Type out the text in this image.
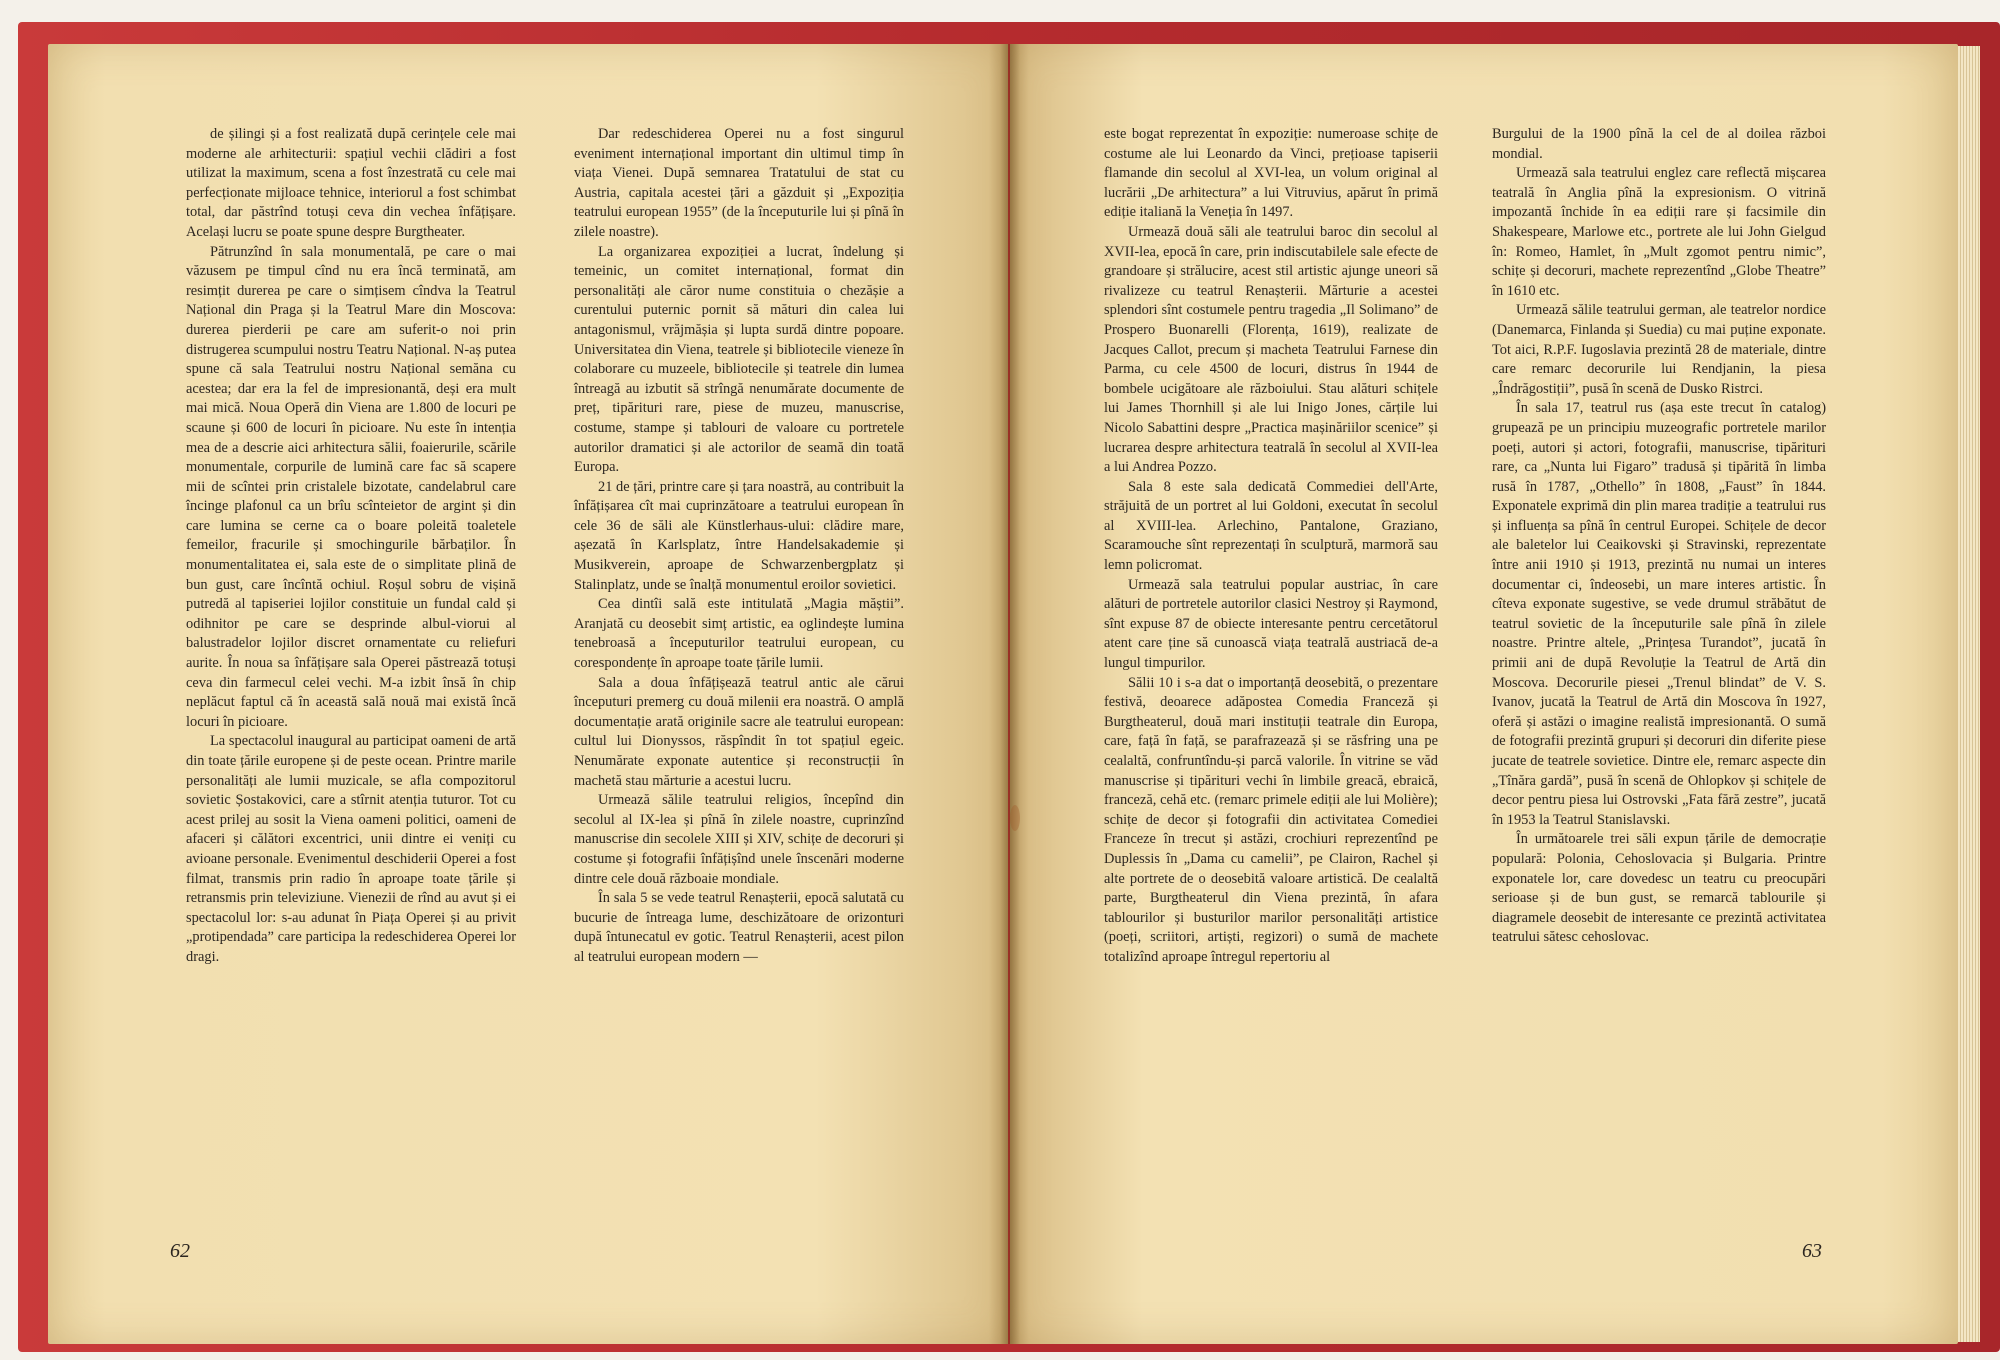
de șilingi și a fost realizată după cerințele cele mai moderne ale arhitecturii: spațiul vechii clădiri a fost utilizat la maximum, scena a fost înzestrată cu cele mai perfecționate mijloace tehnice, interiorul a fost schimbat total, dar păstrînd totuși ceva din vechea înfățișare. Același lucru se poate spune despre Burgtheater.

Pătrunzînd în sala monumentală, pe care o mai văzusem pe timpul cînd nu era încă terminată, am resimțit durerea pe care o simțisem cîndva la Teatrul Național din Praga și la Teatrul Mare din Moscova: durerea pierderii pe care am suferit-o noi prin distrugerea scumpului nostru Teatru Național. N-aș putea spune că sala Teatrului nostru Național semăna cu acestea; dar era la fel de impresionantă, deși era mult mai mică. Noua Operă din Viena are 1.800 de locuri pe scaune și 600 de locuri în picioare. Nu este în intenția mea de a descrie aici arhitectura sălii, foaierurile, scările monumentale, corpurile de lumină care fac să scapere mii de scîntei prin cristalele bizotate, candelabrul care încinge plafonul ca un brîu scînteietor de argint și din care lumina se cerne ca o boare poleită toaletele femeilor, fracurile și smochingurile bărbaților. În monumentalitatea ei, sala este de o simplitate plină de bun gust, care încîntă ochiul. Roșul sobru de vișină putredă al tapiseriei lojilor constituie un fundal cald și odihnitor pe care se desprinde albul-viorui al balustradelor lojilor discret ornamentate cu reliefuri aurite. În noua sa înfățișare sala Operei păstrează totuși ceva din farmecul celei vechi. M-a izbit însă în chip neplăcut faptul că în această sală nouă mai există încă locuri în picioare.

La spectacolul inaugural au participat oameni de artă din toate țările europene și de peste ocean. Printre marile personalități ale lumii muzicale, se afla compozitorul sovietic Șostakovici, care a stîrnit atenția tuturor. Tot cu acest prilej au sosit la Viena oameni politici, oameni de afaceri și călători excentrici, unii dintre ei veniți cu avioane personale. Evenimentul deschiderii Operei a fost filmat, transmis prin radio în aproape toate țările și retransmis prin televiziune. Vienezii de rînd au avut și ei spectacolul lor: s-au adunat în Piața Operei și au privit „protipendada” care participa la redeschiderea Operei lor dragi.

Dar redeschiderea Operei nu a fost singurul eveniment internațional important din ultimul timp în viața Vienei. După semnarea Tratatului de stat cu Austria, capitala acestei țări a găzduit și „Expoziția teatrului european 1955” (de la începuturile lui și pînă în zilele noastre).

La organizarea expoziției a lucrat, îndelung și temeinic, un comitet internațional, format din personalități ale căror nume constituia o chezășie a curentului puternic pornit să mături din calea lui antagonismul, vrăjmășia și lupta surdă dintre popoare. Universitatea din Viena, teatrele și bibliotecile vieneze în colaborare cu muzeele, bibliotecile și teatrele din lumea întreagă au izbutit să strîngă nenumărate documente de preț, tipărituri rare, piese de muzeu, manuscrise, costume, stampe și tablouri de valoare cu portretele autorilor dramatici și ale actorilor de seamă din toată Europa.

21 de țări, printre care și țara noastră, au contribuit la înfățișarea cît mai cuprinzătoare a teatrului european în cele 36 de săli ale Künstlerhaus-ului: clădire mare, așezată în Karlsplatz, între Handelsakademie și Musikverein, aproape de Schwarzenbergplatz și Stalinplatz, unde se înalță monumentul eroilor sovietici.

Cea dintîi sală este intitulată „Magia măștii”. Aranjată cu deosebit simț artistic, ea oglindește lumina tenebroasă a începuturilor teatrului european, cu corespondențe în aproape toate țările lumii.

Sala a doua înfățișează teatrul antic ale cărui începuturi premerg cu două milenii era noastră. O amplă documentație arată originile sacre ale teatrului european: cultul lui Dionyssos, răspîndit în tot spațiul egeic. Nenumărate exponate autentice și reconstrucții în machetă stau mărturie a acestui lucru.

Urmează sălile teatrului religios, începînd din secolul al IX-lea și pînă în zilele noastre, cuprinzînd manuscrise din secolele XIII și XIV, schițe de decoruri și costume și fotografii înfățișînd unele înscenări moderne dintre cele două războaie mondiale.

În sala 5 se vede teatrul Renașterii, epocă salutată cu bucurie de întreaga lume, deschizătoare de orizonturi după întunecatul ev gotic. Teatrul Renașterii, acest pilon al teatrului european modern —

este bogat reprezentat în expoziție: numeroase schițe de costume ale lui Leonardo da Vinci, prețioase tapiserii flamande din secolul al XVI-lea, un volum original al lucrării „De arhitectura” a lui Vitruvius, apărut în primă ediție italiană la Veneția în 1497.

Urmează două săli ale teatrului baroc din secolul al XVII-lea, epocă în care, prin indiscutabilele sale efecte de grandoare și strălucire, acest stil artistic ajunge uneori să rivalizeze cu teatrul Renașterii. Mărturie a acestei splendori sînt costumele pentru tragedia „Il Solimano” de Prospero Buonarelli (Florența, 1619), realizate de Jacques Callot, precum și macheta Teatrului Farnese din Parma, cu cele 4500 de locuri, distrus în 1944 de bombele ucigătoare ale războiului. Stau alături schițele lui James Thornhill și ale lui Inigo Jones, cărțile lui Nicolo Sabattini despre „Practica mașinăriilor scenice” și lucrarea despre arhitectura teatrală în secolul al XVII-lea a lui Andrea Pozzo.

Sala 8 este sala dedicată Commediei dell'Arte, străjuită de un portret al lui Goldoni, executat în secolul al XVIII-lea. Arlechino, Pantalone, Graziano, Scaramouche sînt reprezentați în sculptură, marmoră sau lemn policromat.

Urmează sala teatrului popular austriac, în care alături de portretele autorilor clasici Nestroy și Raymond, sînt expuse 87 de obiecte interesante pentru cercetătorul atent care ține să cunoască viața teatrală austriacă de-a lungul timpurilor.

Sălii 10 i s-a dat o importanță deosebită, o prezentare festivă, deoarece adăpostea Comedia Franceză și Burgtheaterul, două mari instituții teatrale din Europa, care, față în față, se parafrazează și se răsfring una pe cealaltă, confruntîndu-și parcă valorile. În vitrine se văd manuscrise și tipărituri vechi în limbile greacă, ebraică, franceză, cehă etc. (remarc primele ediții ale lui Molière); schițe de decor și fotografii din activitatea Comediei Franceze în trecut și astăzi, crochiuri reprezentînd pe Duplessis în „Dama cu camelii”, pe Clairon, Rachel și alte portrete de o deosebită valoare artistică. De cealaltă parte, Burgtheaterul din Viena prezintă, în afara tablourilor și busturilor marilor personalități artistice (poeți, scriitori, artiști, regizori) o sumă de machete totalizînd aproape întregul repertoriu al

Burgului de la 1900 pînă la cel de al doilea război mondial.

Urmează sala teatrului englez care reflectă mișcarea teatrală în Anglia pînă la expresionism. O vitrină impozantă închide în ea ediții rare și facsimile din Shakespeare, Marlowe etc., portrete ale lui John Gielgud în: Romeo, Hamlet, în „Mult zgomot pentru nimic”, schițe și decoruri, machete reprezentînd „Globe Theatre” în 1610 etc.

Urmează sălile teatrului german, ale teatrelor nordice (Danemarca, Finlanda și Suedia) cu mai puține exponate. Tot aici, R.P.F. Iugoslavia prezintă 28 de materiale, dintre care remarc decorurile lui Rendjanin, la piesa „Îndrăgostiții”, pusă în scenă de Dusko Ristrci.

În sala 17, teatrul rus (așa este trecut în catalog) grupează pe un principiu muzeografic portretele marilor poeți, autori și actori, fotografii, manuscrise, tipărituri rare, ca „Nunta lui Figaro” tradusă și tipărită în limba rusă în 1787, „Othello” în 1808, „Faust” în 1844. Exponatele exprimă din plin marea tradiție a teatrului rus și influența sa pînă în centrul Europei. Schițele de decor ale baletelor lui Ceaikovski și Stravinski, reprezentate între anii 1910 și 1913, prezintă nu numai un interes documentar ci, îndeosebi, un mare interes artistic. În cîteva exponate sugestive, se vede drumul străbătut de teatrul sovietic de la începuturile sale pînă în zilele noastre. Printre altele, „Prințesa Turandot”, jucată în primii ani de după Revoluție la Teatrul de Artă din Moscova. Decorurile piesei „Trenul blindat” de V. S. Ivanov, jucată la Teatrul de Artă din Moscova în 1927, oferă și astăzi o imagine realistă impresionantă. O sumă de fotografii prezintă grupuri și decoruri din diferite piese jucate de teatrele sovietice. Dintre ele, remarc aspecte din „Tînăra gardă”, pusă în scenă de Ohlopkov și schițele de decor pentru piesa lui Ostrovski „Fata fără zestre”, jucată în 1953 la Teatrul Stanislavski.

În următoarele trei săli expun țările de democrație populară: Polonia, Cehoslovacia și Bulgaria. Printre exponatele lor, care dovedesc un teatru cu preocupări serioase și de bun gust, se remarcă tablourile și diagramele deosebit de interesante ce prezintă activitatea teatrului sătesc cehoslovac.

62	63
